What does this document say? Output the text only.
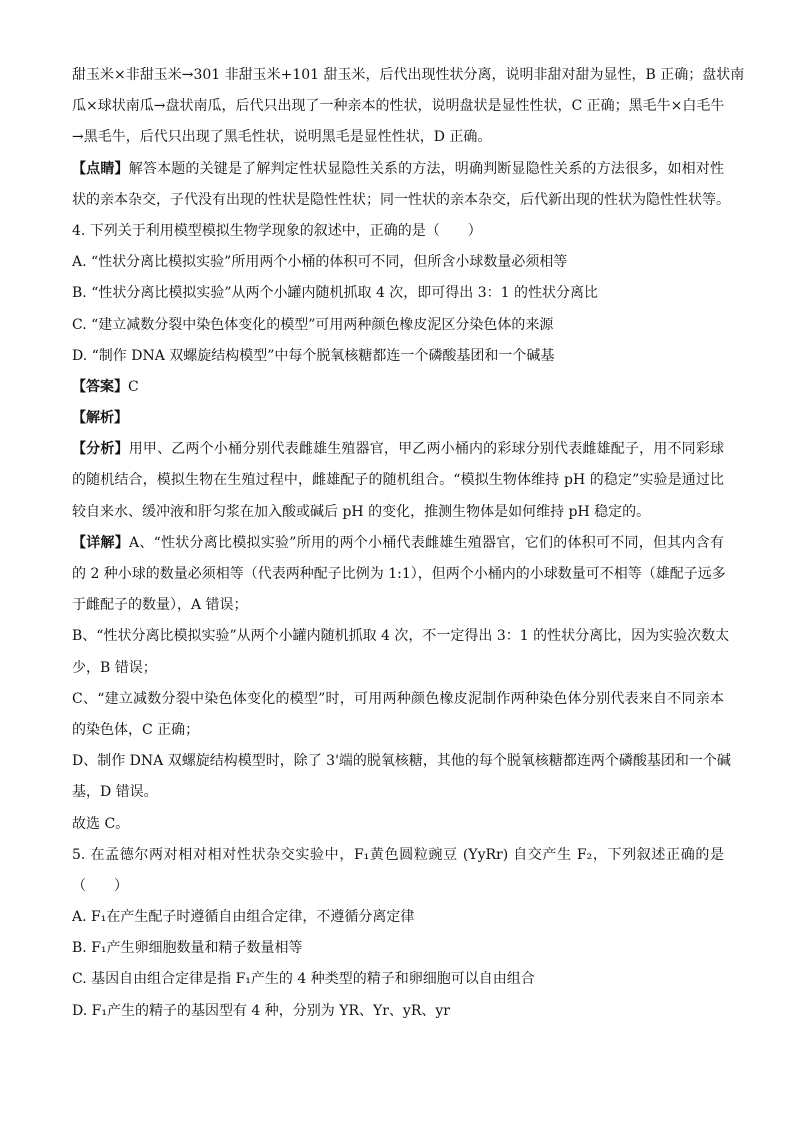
甜玉米×非甜玉米→301 非甜玉米+101 甜玉米，后代出现性状分离，说明非甜对甜为显性，B 正确；盘状南
瓜×球状南瓜→盘状南瓜，后代只出现了一种亲本的性状，说明盘状是显性性状，C 正确；黑毛牛×白毛牛
→黑毛牛，后代只出现了黑毛性状，说明黑毛是显性性状，D 正确。
【点睛】解答本题的关键是了解判定性状显隐性关系的方法，明确判断显隐性关系的方法很多，如相对性
状的亲本杂交，子代没有出现的性状是隐性性状；同一性状的亲本杂交，后代新出现的性状为隐性性状等。
4. 下列关于利用模型模拟生物学现象的叙述中，正确的是（　　）
A. “性状分离比模拟实验”所用两个小桶的体积可不同，但所含小球数量必须相等
B. “性状分离比模拟实验”从两个小罐内随机抓取 4 次，即可得出 3：1 的性状分离比
C. “建立减数分裂中染色体变化的模型”可用两种颜色橡皮泥区分染色体的来源
D. “制作 DNA 双螺旋结构模型”中每个脱氧核糖都连一个磷酸基团和一个碱基
【答案】C
【解析】
【分析】用甲、乙两个小桶分别代表雌雄生殖器官，甲乙两小桶内的彩球分别代表雌雄配子，用不同彩球
的随机结合，模拟生物在生殖过程中，雌雄配子的随机组合。“模拟生物体维持 pH 的稳定”实验是通过比
较自来水、缓冲液和肝匀浆在加入酸或碱后 pH 的变化，推测生物体是如何维持 pH 稳定的。
【详解】A、“性状分离比模拟实验”所用的两个小桶代表雌雄生殖器官，它们的体积可不同，但其内含有
的 2 种小球的数量必须相等（代表两种配子比例为 1:1），但两个小桶内的小球数量可不相等（雄配子远多
于雌配子的数量），A 错误；
B、“性状分离比模拟实验”从两个小罐内随机抓取 4 次，不一定得出 3：1 的性状分离比，因为实验次数太
少，B 错误；
C、“建立减数分裂中染色体变化的模型”时，可用两种颜色橡皮泥制作两种染色体分别代表来自不同亲本
的染色体，C 正确；
D、制作 DNA 双螺旋结构模型时，除了 3'端的脱氧核糖，其他的每个脱氧核糖都连两个磷酸基团和一个碱
基，D 错误。
故选 C。
5. 在孟德尔两对相对相对性状杂交实验中，F₁黄色圆粒豌豆 (YyRr) 自交产生 F₂，下列叙述正确的是
（　　）
A. F₁在产生配子时遵循自由组合定律，不遵循分离定律
B. F₁产生卵细胞数量和精子数量相等
C. 基因自由组合定律是指 F₁产生的 4 种类型的精子和卵细胞可以自由组合
D. F₁产生的精子的基因型有 4 种，分别为 YR、Yr、yR、yr
